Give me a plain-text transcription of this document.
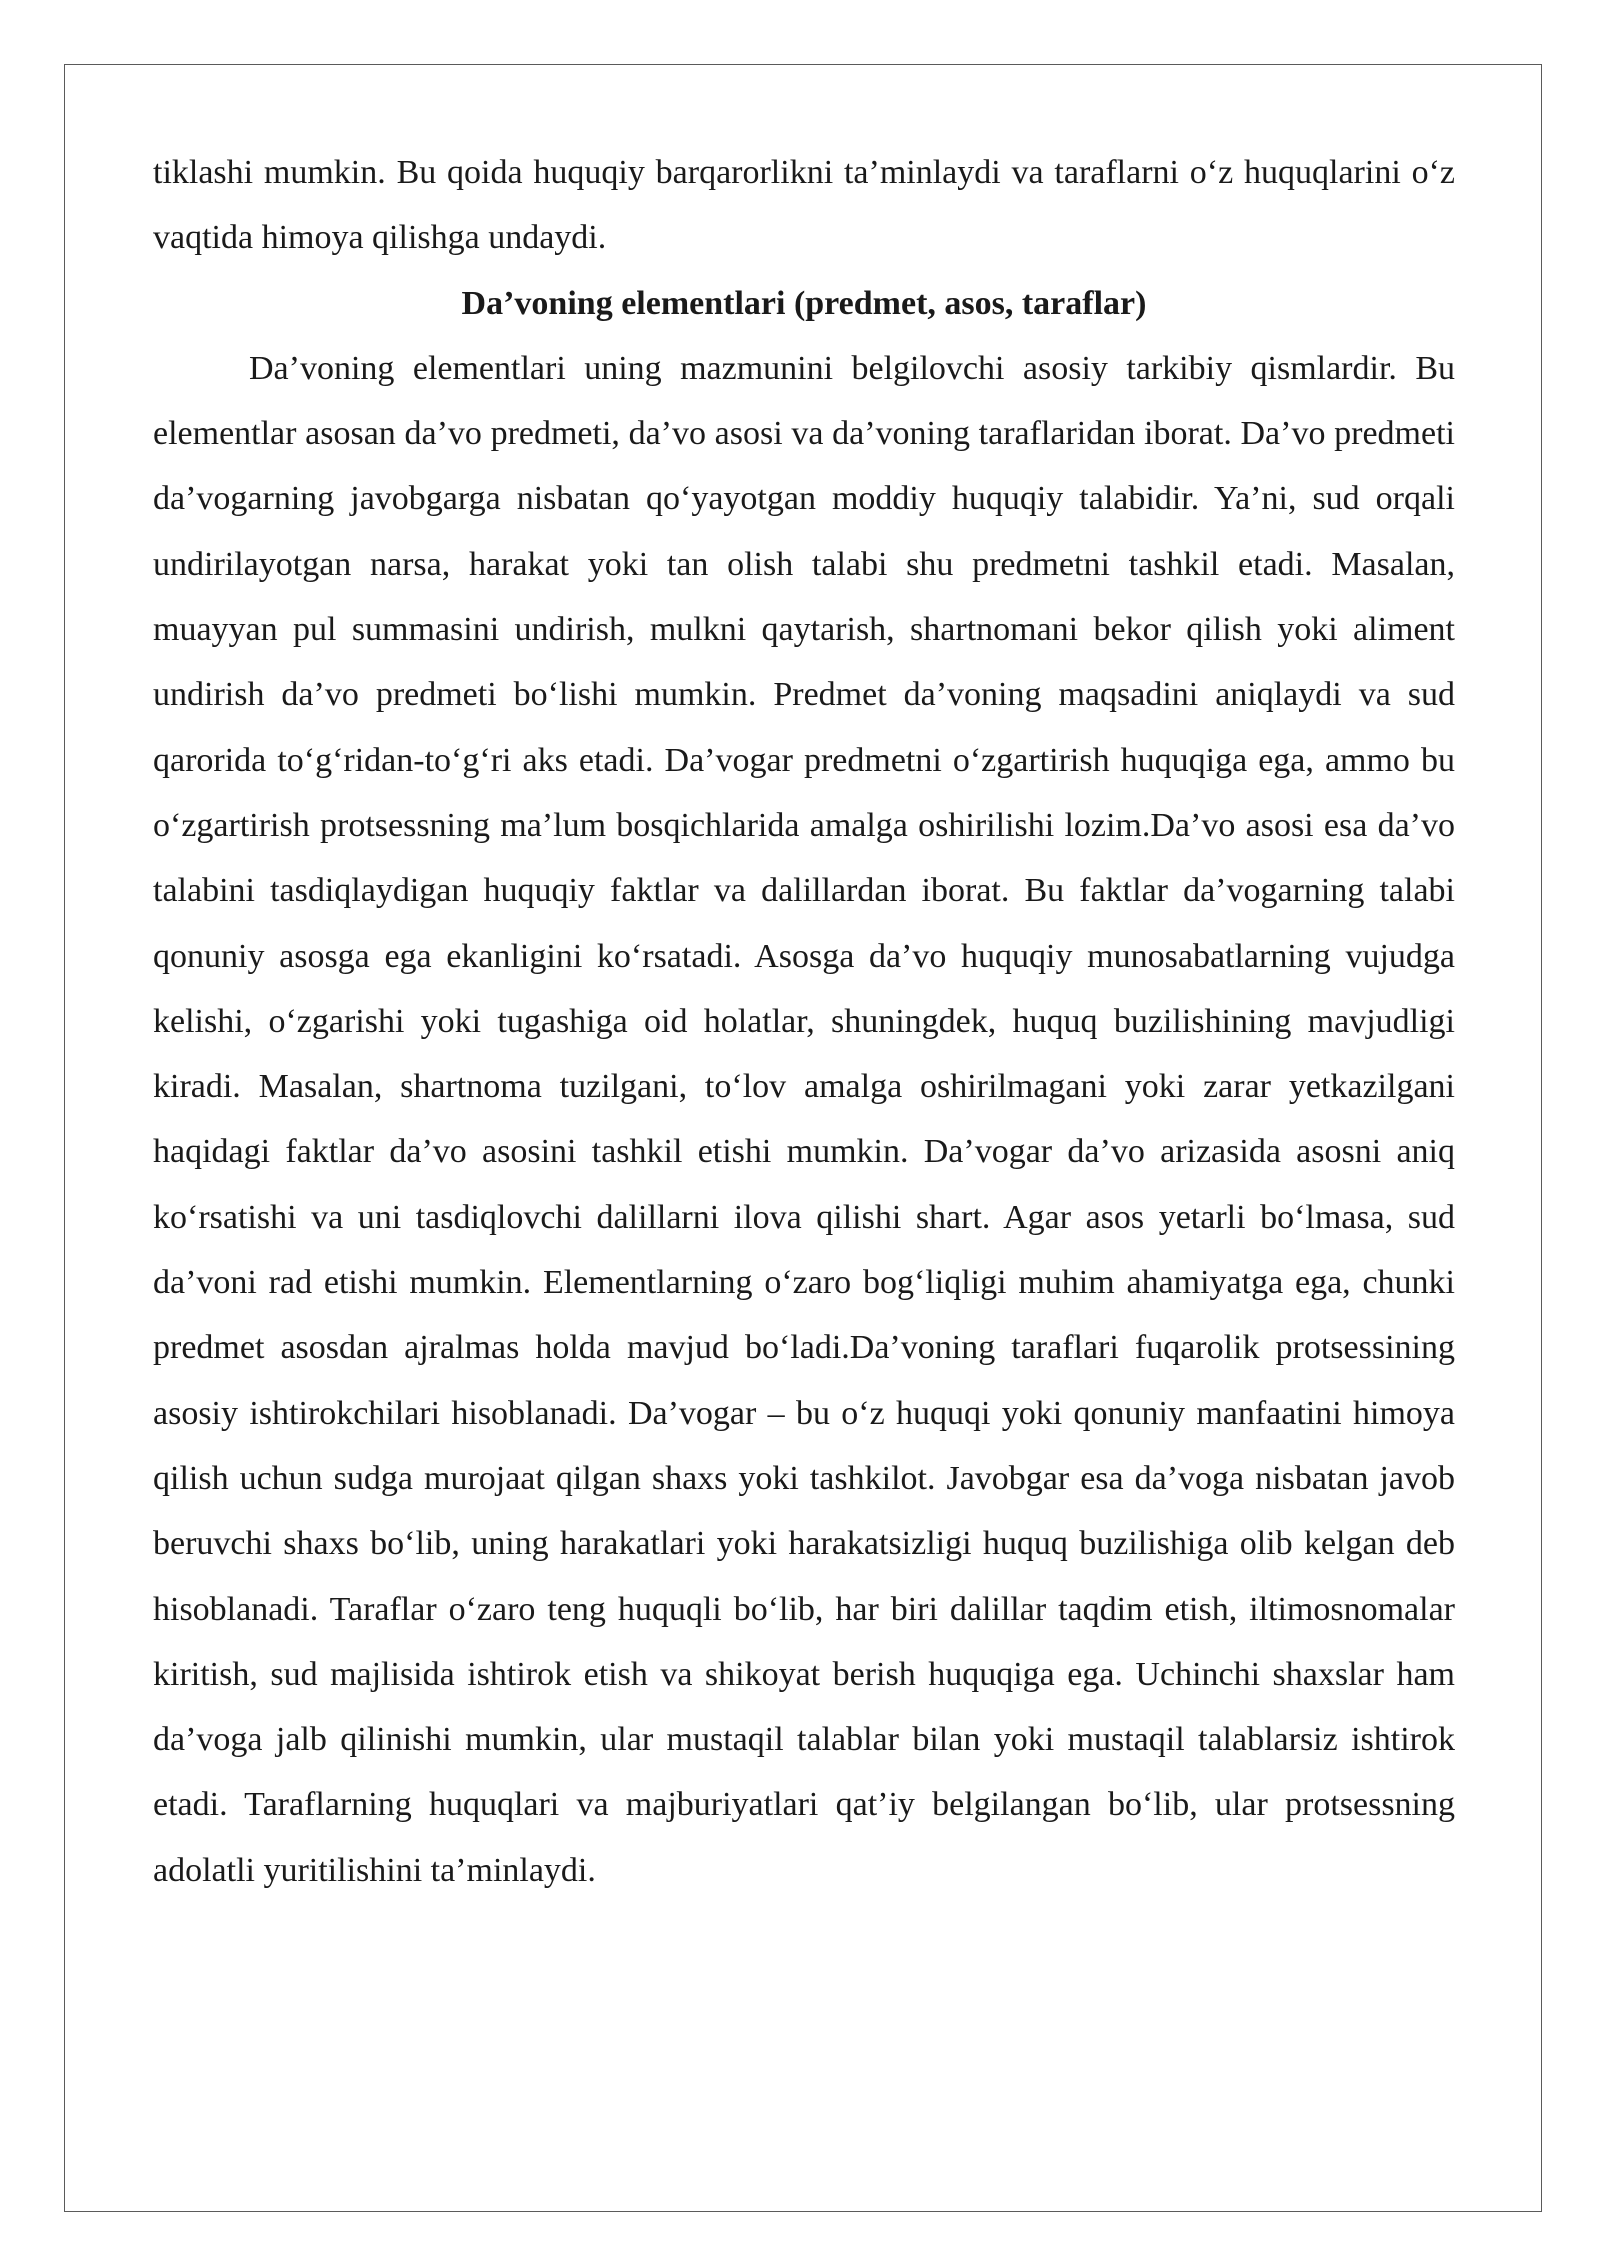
tiklashi mumkin. Bu qoida huquqiy barqarorlikni ta’minlaydi va taraflarni o‘z huquqlarini o‘z vaqtida himoya qilishga undaydi.

Da’voning elementlari (predmet, asos, taraflar)

Da’voning elementlari uning mazmunini belgilovchi asosiy tarkibiy qismlardir. Bu elementlar asosan da’vo predmeti, da’vo asosi va da’voning taraflaridan iborat. Da’vo predmeti da’vogarning javobgarga nisbatan qo‘yayotgan moddiy huquqiy talabidir. Ya’ni, sud orqali undirilayotgan narsa, harakat yoki tan olish talabi shu predmetni tashkil etadi. Masalan, muayyan pul summasini undirish, mulkni qaytarish, shartnomani bekor qilish yoki aliment undirish da’vo predmeti bo‘lishi mumkin. Predmet da’voning maqsadini aniqlaydi va sud qarorida to‘g‘ridan-to‘g‘ri aks etadi. Da’vogar predmetni o‘zgartirish huquqiga ega, ammo bu o‘zgartirish protsessning ma’lum bosqichlarida amalga oshirilishi lozim.Da’vo asosi esa da’vo talabini tasdiqlaydigan huquqiy faktlar va dalillardan iborat. Bu faktlar da’vogarning talabi qonuniy asosga ega ekanligini ko‘rsatadi. Asosga da’vo huquqiy munosabatlarning vujudga kelishi, o‘zgarishi yoki tugashiga oid holatlar, shuningdek, huquq buzilishining mavjudligi kiradi. Masalan, shartnoma tuzilgani, to‘lov amalga oshirilmagani yoki zarar yetkazilgani haqidagi faktlar da’vo asosini tashkil etishi mumkin. Da’vogar da’vo arizasida asosni aniq ko‘rsatishi va uni tasdiqlovchi dalillarni ilova qilishi shart. Agar asos yetarli bo‘lmasa, sud da’voni rad etishi mumkin. Elementlarning o‘zaro bog‘liqligi muhim ahamiyatga ega, chunki predmet asosdan ajralmas holda mavjud bo‘ladi.Da’voning taraflari fuqarolik protsessining asosiy ishtirokchilari hisoblanadi. Da’vogar – bu o‘z huquqi yoki qonuniy manfaatini himoya qilish uchun sudga murojaat qilgan shaxs yoki tashkilot. Javobgar esa da’voga nisbatan javob beruvchi shaxs bo‘lib, uning harakatlari yoki harakatsizligi huquq buzilishiga olib kelgan deb hisoblanadi. Taraflar o‘zaro teng huquqli bo‘lib, har biri dalillar taqdim etish, iltimosnomalar kiritish, sud majlisida ishtirok etish va shikoyat berish huquqiga ega. Uchinchi shaxslar ham da’voga jalb qilinishi mumkin, ular mustaqil talablar bilan yoki mustaqil talablarsiz ishtirok etadi. Taraflarning huquqlari va majburiyatlari qat’iy belgilangan bo‘lib, ular protsessning adolatli yuritilishini ta’minlaydi.
